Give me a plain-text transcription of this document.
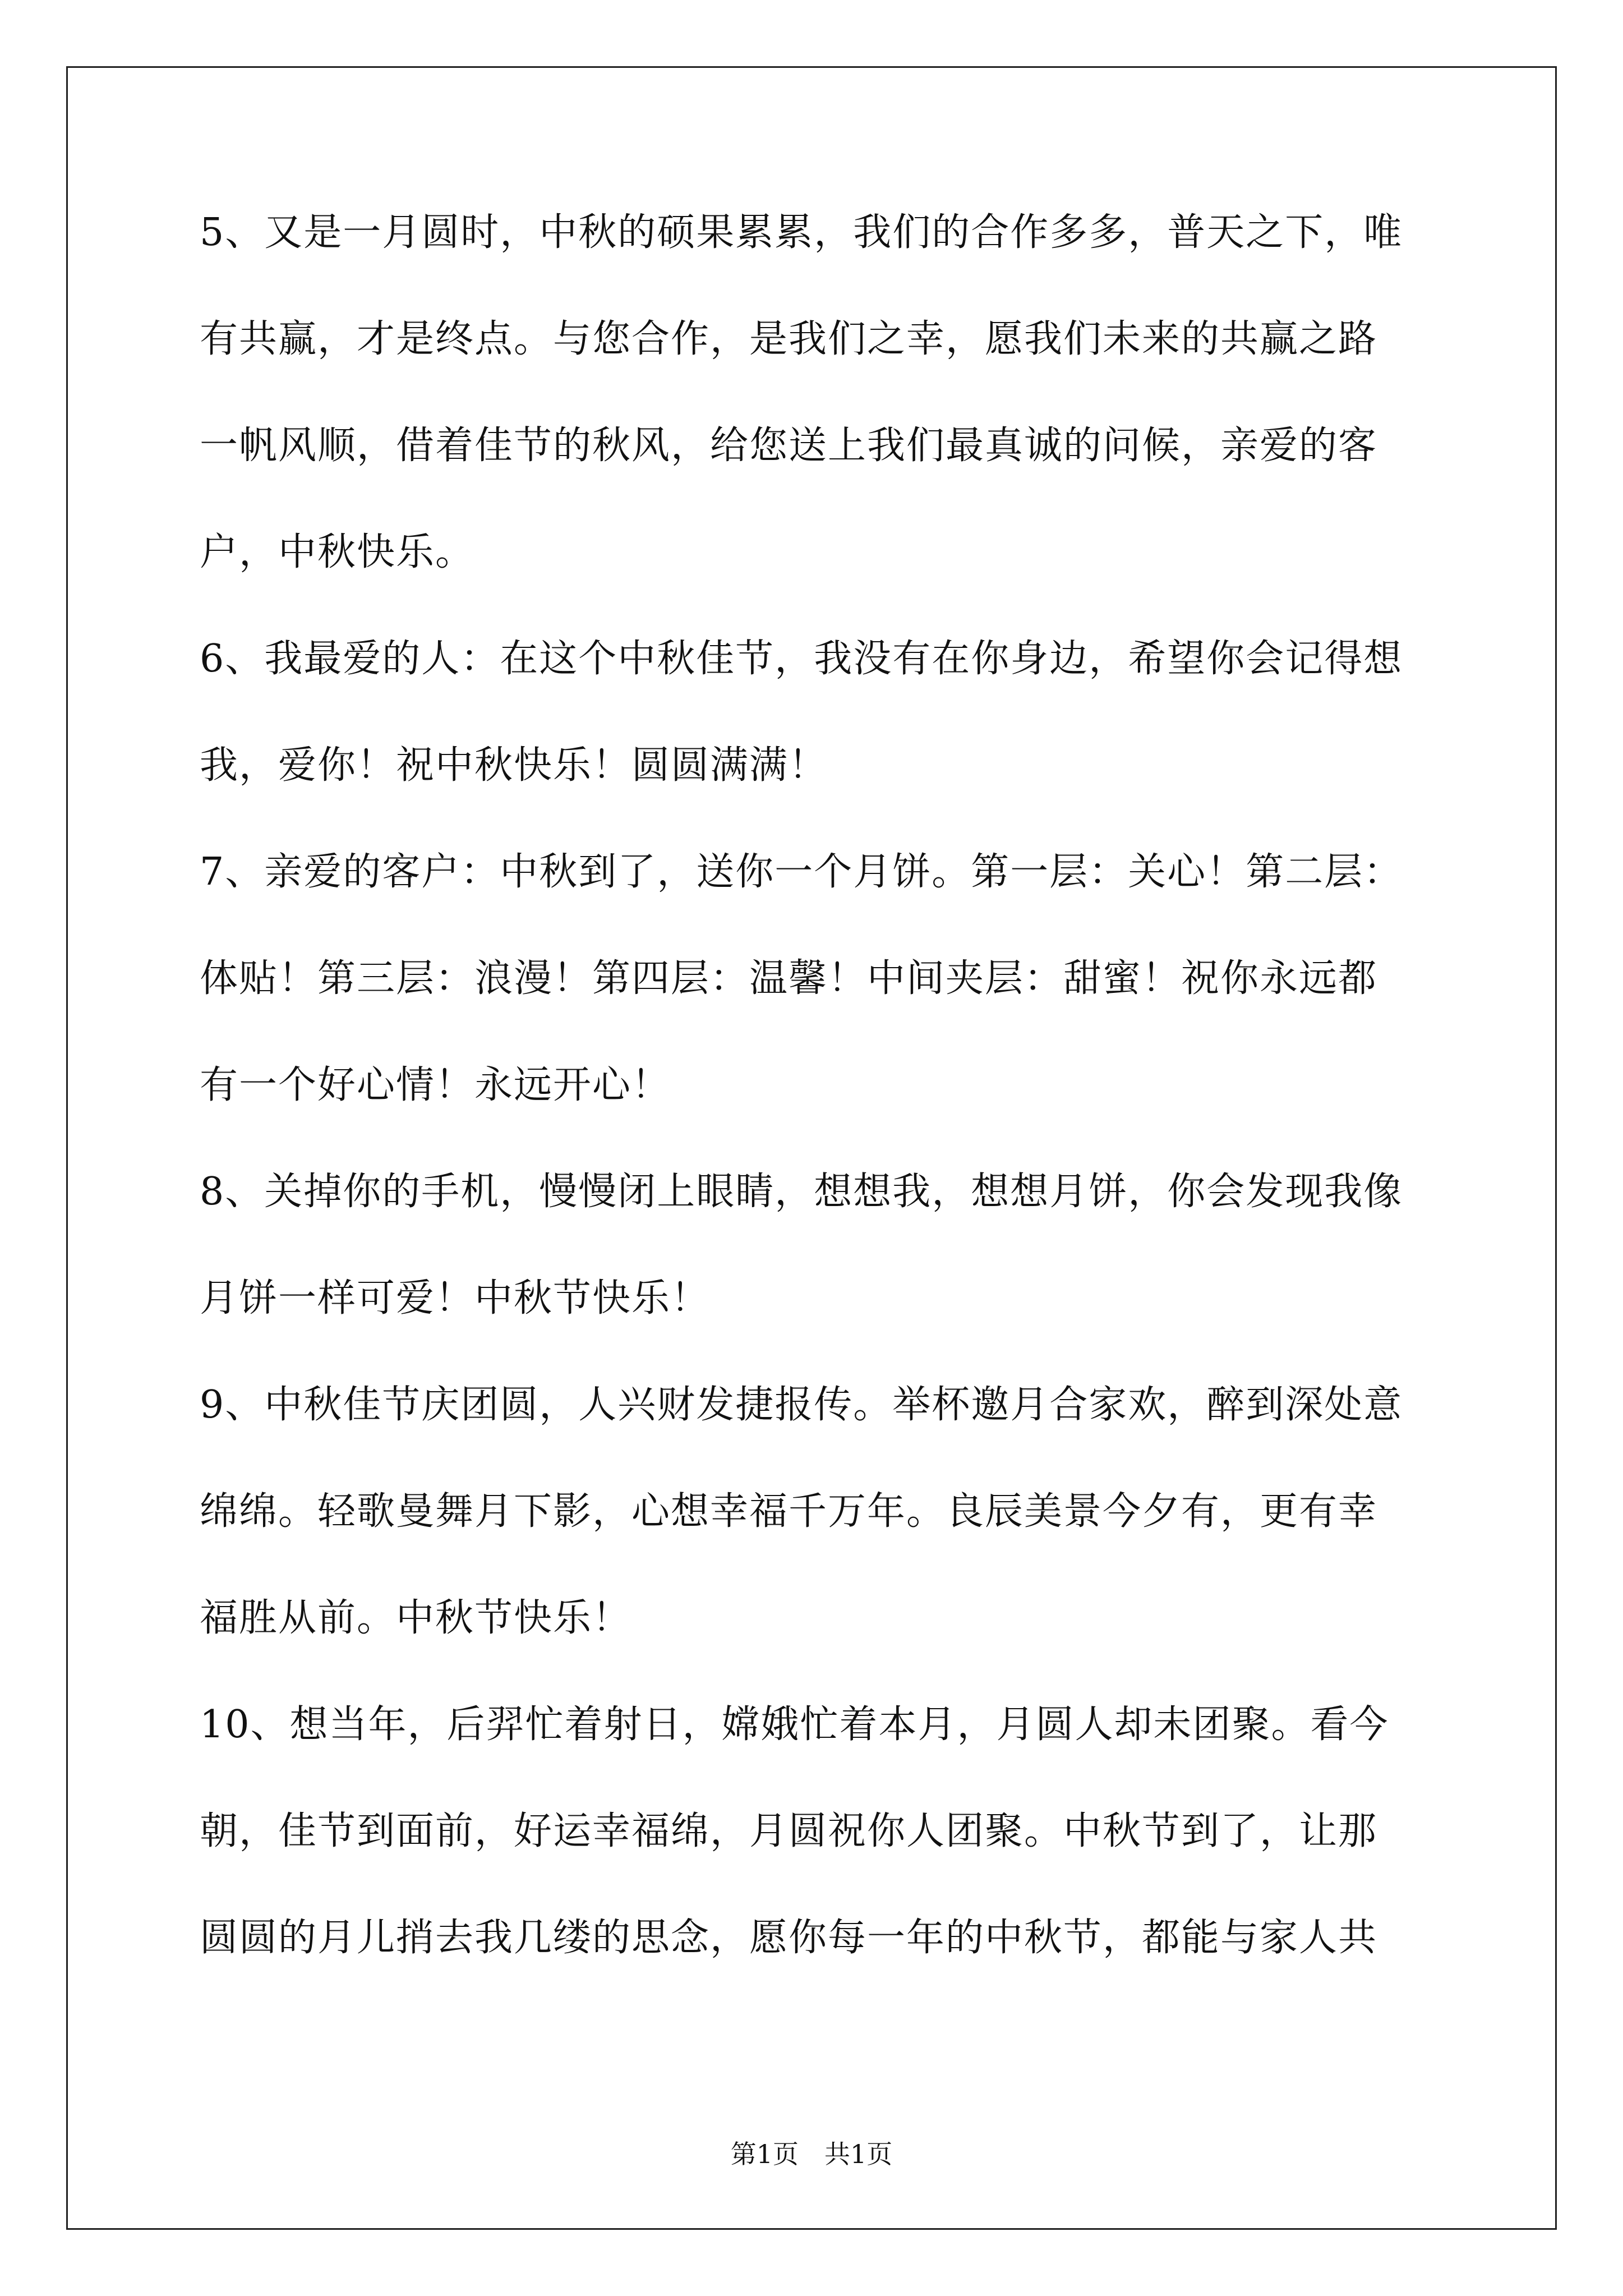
5、又是一月圆时，中秋的硕果累累，我们的合作多多，普天之下，唯
有共赢，才是终点。与您合作，是我们之幸，愿我们未来的共赢之路
一帆风顺，借着佳节的秋风，给您送上我们最真诚的问候，亲爱的客
户，中秋快乐。
6、我最爱的人：在这个中秋佳节，我没有在你身边，希望你会记得想
我，爱你！祝中秋快乐！圆圆满满！
7、亲爱的客户：中秋到了，送你一个月饼。第一层：关心！第二层：
体贴！第三层：浪漫！第四层：温馨！中间夹层：甜蜜！祝你永远都
有一个好心情！永远开心！
8、关掉你的手机，慢慢闭上眼睛，想想我，想想月饼，你会发现我像
月饼一样可爱！中秋节快乐！
9、中秋佳节庆团圆，人兴财发捷报传。举杯邀月合家欢，醉到深处意
绵绵。轻歌曼舞月下影，心想幸福千万年。良辰美景今夕有，更有幸
福胜从前。中秋节快乐！
10、想当年，后羿忙着射日，嫦娥忙着本月，月圆人却未团聚。看今
朝，佳节到面前，好运幸福绵，月圆祝你人团聚。中秋节到了，让那
圆圆的月儿捎去我几缕的思念，愿你每一年的中秋节，都能与家人共
第1页　共1页
